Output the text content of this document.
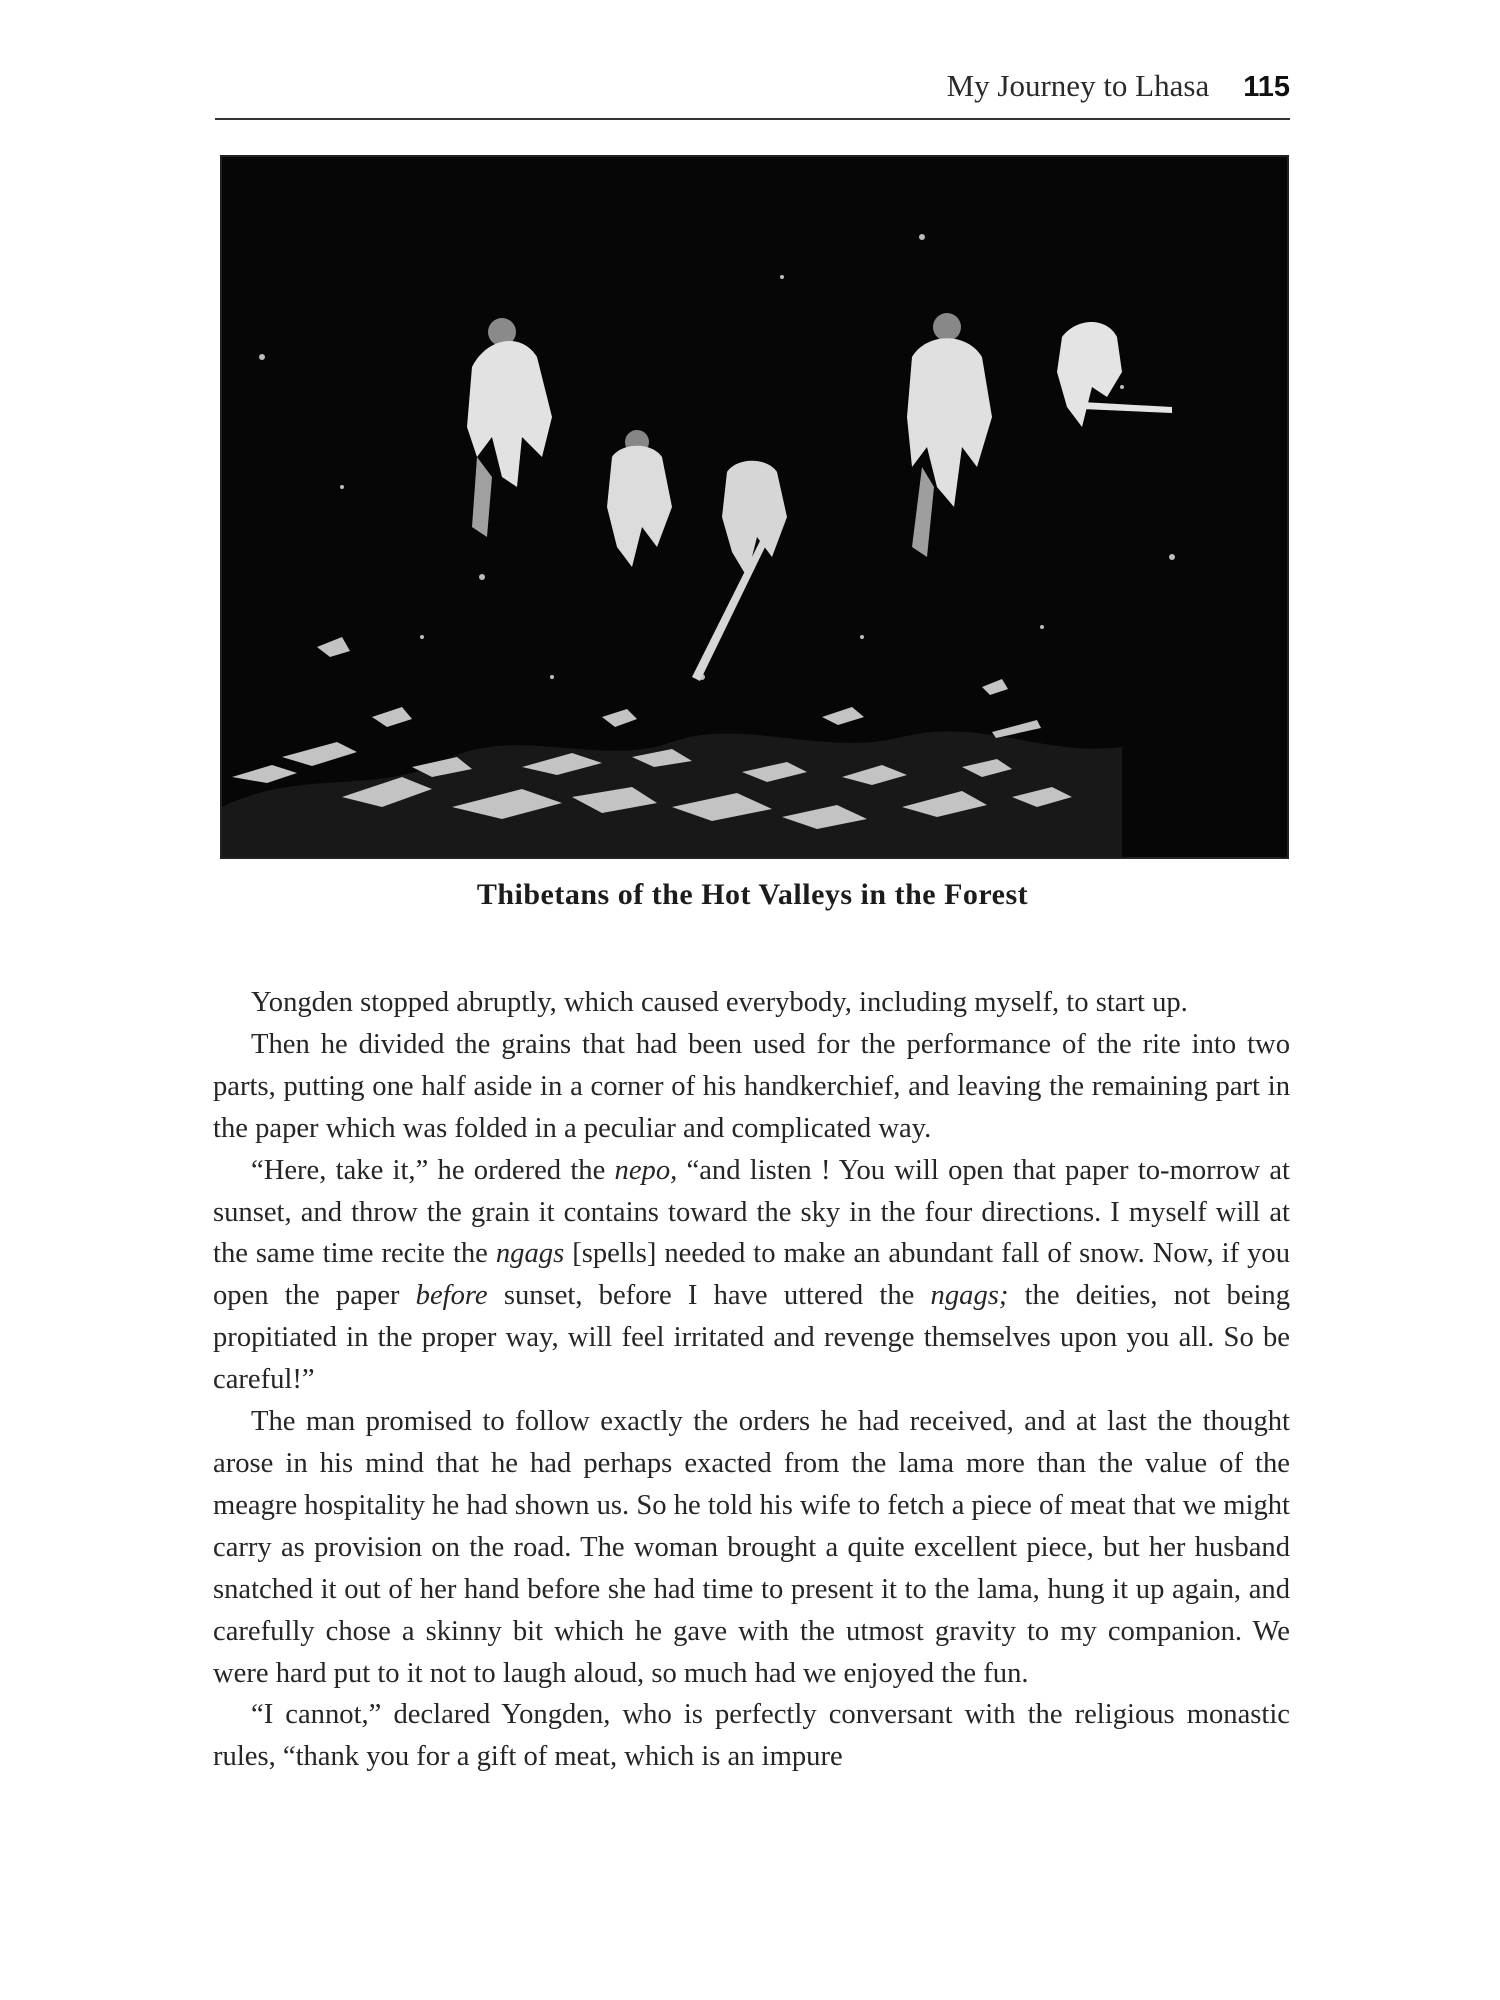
My Journey to Lhasa 115
Thibetans of the Hot Valleys in the Forest

Yongden stopped abruptly, which caused everybody, including myself, to start up.

Then he divided the grains that had been used for the performance of the rite into two parts, putting one half aside in a corner of his handkerchief, and leaving the remaining part in the paper which was folded in a peculiar and complicated way.

“Here, take it,” he ordered the nepo, “and listen ! You will open that paper to-morrow at sunset, and throw the grain it contains toward the sky in the four directions. I myself will at the same time recite the ngags [spells] needed to make an abundant fall of snow. Now, if you open the paper before sunset, before I have uttered the ngags; the deities, not being propitiated in the proper way, will feel irritated and revenge themselves upon you all. So be careful!”

The man promised to follow exactly the orders he had received, and at last the thought arose in his mind that he had perhaps exacted from the lama more than the value of the meagre hospitality he had shown us. So he told his wife to fetch a piece of meat that we might carry as provision on the road. The woman brought a quite excellent piece, but her husband snatched it out of her hand before she had time to present it to the lama, hung it up again, and carefully chose a skinny bit which he gave with the utmost gravity to my companion. We were hard put to it not to laugh aloud, so much had we enjoyed the fun.

“I cannot,” declared Yongden, who is perfectly conversant with the religious monastic rules, “thank you for a gift of meat, which is an impure
